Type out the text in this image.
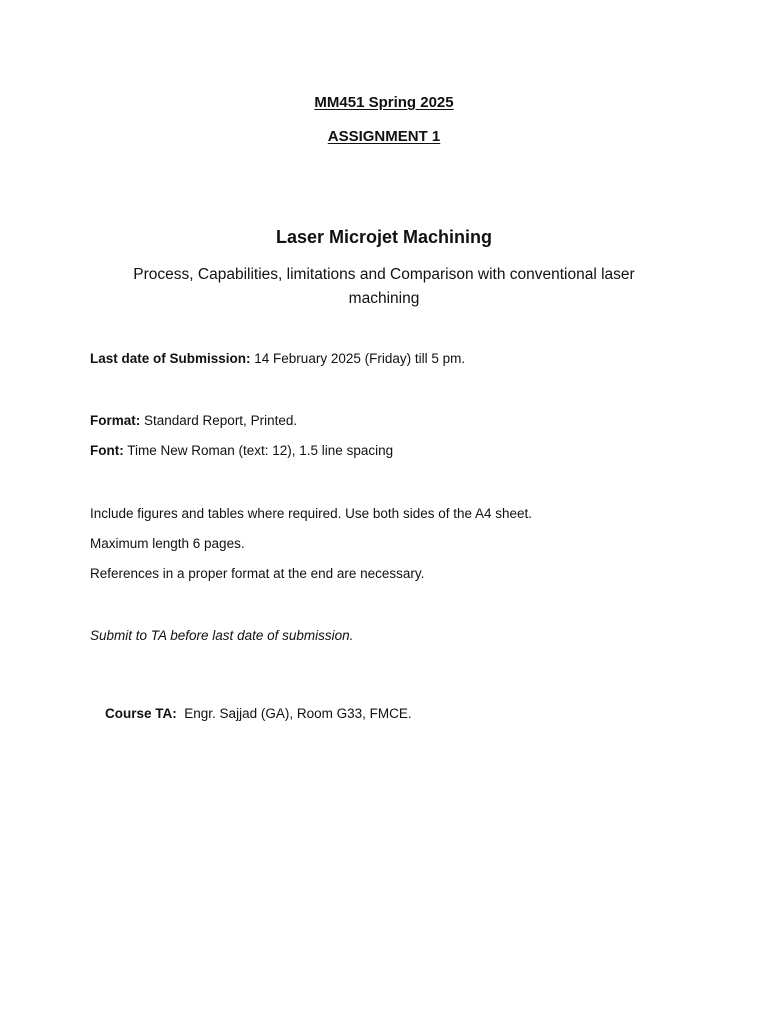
MM451 Spring 2025
ASSIGNMENT 1
Laser Microjet Machining
Process, Capabilities, limitations and Comparison with conventional laser machining
Last date of Submission: 14 February 2025 (Friday) till 5 pm.
Format: Standard Report, Printed.
Font: Time New Roman (text: 12), 1.5 line spacing
Include figures and tables where required. Use both sides of the A4 sheet.
Maximum length 6 pages.
References in a proper format at the end are necessary.
Submit to TA before last date of submission.

Course TA:  Engr. Sajjad (GA), Room G33, FMCE.
